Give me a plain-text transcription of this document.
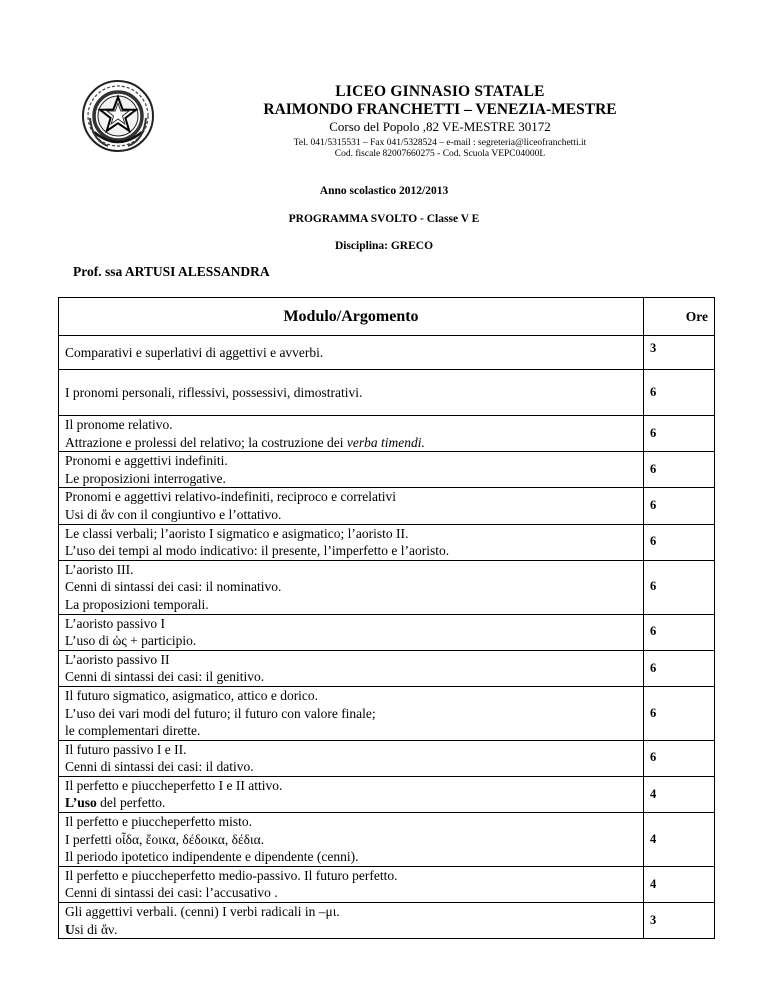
LICEO GINNASIO STATALE
RAIMONDO FRANCHETTI – VENEZIA-MESTRE
Corso del Popolo ,82 VE-MESTRE 30172
Tel. 041/5315531 – Fax 041/5328524 – e-mail : segreteria@liceofranchetti.it
Cod. fiscale 82007660275 - Cod. Scuola VEPC04000L
Anno scolastico 2012/2013
PROGRAMMA SVOLTO - Classe V E
Disciplina: GRECO
Prof. ssa ARTUSI ALESSANDRA
Modulo/Argomento	Ore

Comparativi e superlativi di aggettivi e avverbi.	3

I pronomi personali, riflessivi, possessivi, dimostrativi.	6

Il pronome relativo.
Attrazione e prolessi del relativo; la costruzione dei verba timendi.	6

Pronomi e aggettivi indefiniti.
Le proposizioni interrogative.	6

Pronomi e aggettivi relativo-indefiniti, reciproco e correlativi
Usi di ἄν con il congiuntivo e l’ottativo.	6

Le classi verbali; l’aoristo I sigmatico e asigmatico; l’aoristo II.
L’uso dei tempi al modo indicativo: il presente, l’imperfetto e l’aoristo.	6

L’aoristo III.
Cenni di sintassi dei casi: il nominativo.
La proposizioni temporali.	6

L’aoristo passivo I
L’uso di ὡς + participio.	6

L’aoristo passivo II
Cenni di sintassi dei casi: il genitivo.	6

Il futuro sigmatico, asigmatico, attico e dorico.
L’uso dei vari modi del futuro; il futuro con valore finale;
le complementari dirette.	6

Il futuro passivo I e II.
Cenni di sintassi dei casi: il dativo.	6

Il perfetto e piuccheperfetto I e II attivo.
L’uso del perfetto.	4

Il perfetto e piuccheperfetto misto.
I perfetti οἶδα, ἔοικα, δέδοικα, δέδια.
Il periodo ipotetico indipendente e dipendente (cenni).	4

Il perfetto e piuccheperfetto medio-passivo. Il futuro perfetto.
Cenni di sintassi dei casi: l’accusativo .	4

Gli aggettivi verbali. (cenni) I verbi radicali in –μι.
Usi di ἄν.	3
